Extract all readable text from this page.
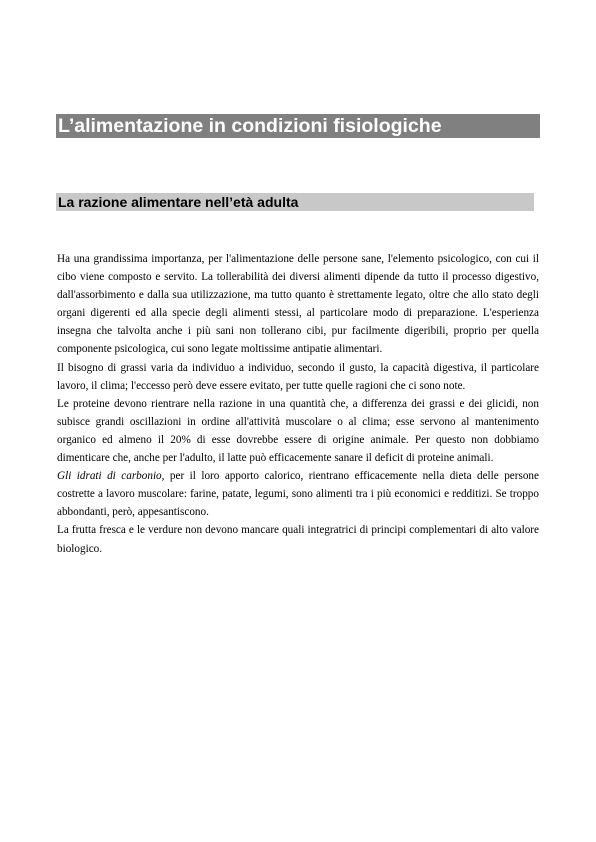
L’alimentazione in condizioni fisiologiche
La razione alimentare nell’età adulta

Ha una grandissima importanza, per l'alimentazione delle persone sane, l'elemento psicologico, con cui il cibo viene composto e servito. La tollerabilità dei diversi alimenti dipende da tutto il processo digestivo, dall'assorbimento e dalla sua utilizzazione, ma tutto quanto è strettamente legato, oltre che allo stato degli organi digerenti ed alla specie degli alimenti stessi, al particolare modo di preparazione. L'esperienza insegna che talvolta anche i più sani non tollerano cibi, pur facilmente digeribili, proprio per quella componente psicologica, cui sono legate moltissime antipatie alimentari.

Il bisogno di grassi varia da individuo a individuo, secondo il gusto, la capacità digestiva, il particolare lavoro, il clima; l'eccesso però deve essere evitato, per tutte quelle ragioni che ci sono note.

Le proteine devono rientrare nella razione in una quantità che, a differenza dei grassi e dei glicidi, non subisce grandi oscillazioni in ordine all'attività muscolare o al clima; esse servono al mantenimento organico ed almeno il 20% di esse dovrebbe essere di origine animale. Per questo non dobbiamo dimenticare che, anche per l'adulto, il latte può efficacemente sanare il deficit di proteine animali.

Gli idrati di carbonio, per il loro apporto calorico, rientrano efficacemente nella dieta delle persone costrette a lavoro muscolare: farine, patate, legumi, sono alimenti tra i più economici e redditizi. Se troppo abbondanti, però, appesantiscono.

La frutta fresca e le verdure non devono mancare quali integratrici di principi complementari di alto valore biologico.
